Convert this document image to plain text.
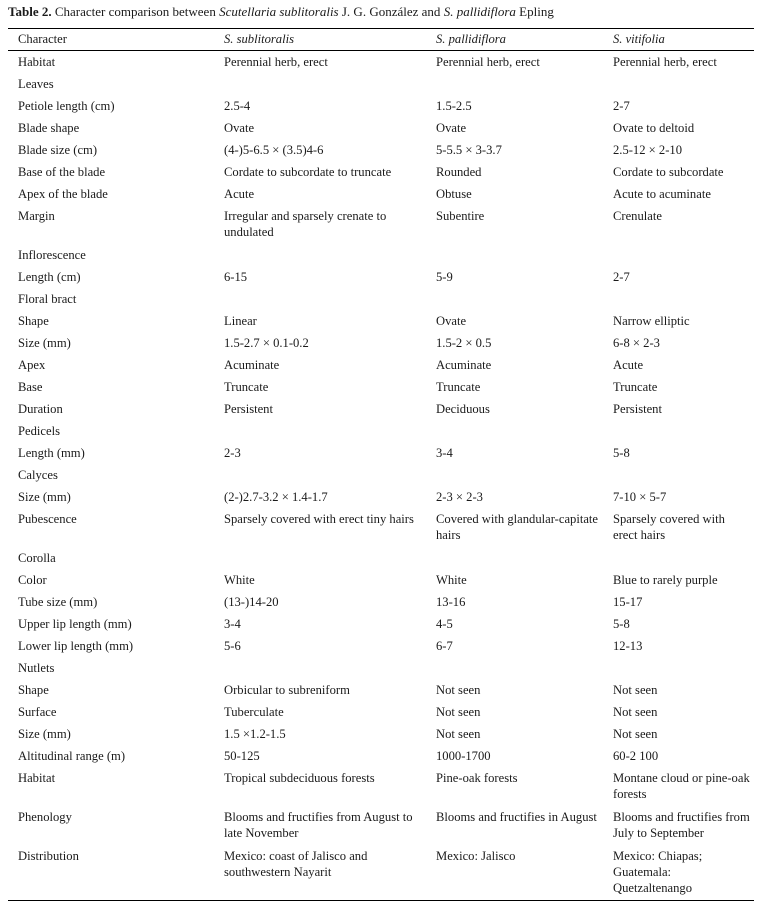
Table 2. Character comparison between Scutellaria sublitoralis J. G. González and S. pallidiflora Epling

Character	S. sublitoralis	S. pallidiflora	S. vitifolia
Habitat	Perennial herb, erect	Perennial herb, erect	Perennial herb, erect
Leaves			
Petiole length (cm)	2.5-4	1.5-2.5	2-7
Blade shape	Ovate	Ovate	Ovate to deltoid
Blade size (cm)	(4-)5-6.5 × (3.5)4-6	5-5.5 × 3-3.7	2.5-12 × 2-10
Base of the blade	Cordate to subcordate to truncate	Rounded	Cordate to subcordate
Apex of the blade	Acute	Obtuse	Acute to acuminate
Margin	Irregular and sparsely crenate to undulated	Subentire	Crenulate
Inflorescence			
Length (cm)	6-15	5-9	2-7
Floral bract			
Shape	Linear	Ovate	Narrow elliptic
Size (mm)	1.5-2.7 × 0.1-0.2	1.5-2 × 0.5	6-8 × 2-3
Apex	Acuminate	Acuminate	Acute
Base	Truncate	Truncate	Truncate
Duration	Persistent	Deciduous	Persistent
Pedicels			
Length (mm)	2-3	3-4	5-8
Calyces			
Size (mm)	(2-)2.7-3.2 × 1.4-1.7	2-3 × 2-3	7-10 × 5-7
Pubescence	Sparsely covered with erect tiny hairs	Covered with glandular-capitate hairs	Sparsely covered with erect hairs
Corolla			
Color	White	White	Blue to rarely purple
Tube size (mm)	(13-)14-20	13-16	15-17
Upper lip length (mm)	3-4	4-5	5-8
Lower lip length (mm)	5-6	6-7	12-13
Nutlets			
Shape	Orbicular to subreniform	Not seen	Not seen
Surface	Tuberculate	Not seen	Not seen
Size (mm)	1.5 ×1.2-1.5	Not seen	Not seen
Altitudinal range (m)	50-125	1000-1700	60-2 100
Habitat	Tropical subdeciduous forests	Pine-oak forests	Montane cloud or pine-oak forests
Phenology	Blooms and fructifies from August to late November	Blooms and fructifies in August	Blooms and fructifies from July to September
Distribution	Mexico: coast of Jalisco and southwestern Nayarit	Mexico: Jalisco	Mexico: Chiapas; Guatemala: Quetzaltenango
